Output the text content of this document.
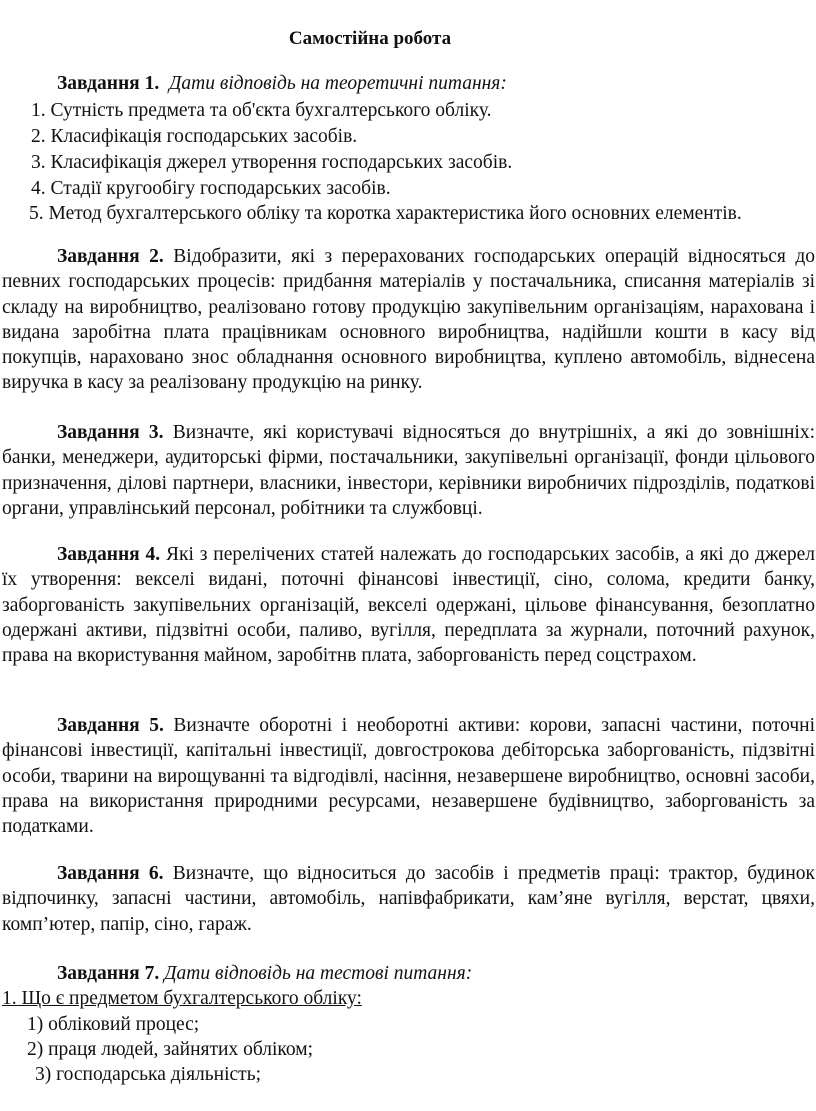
Самостійна робота
Завдання 1. Дати відповідь на теоретичні питання:
1. Сутність предмета та об'єкта бухгалтерського обліку.
2. Класифікація господарських засобів.
3. Класифікація джерел утворення господарських засобів.
4. Стадії кругообігу господарських засобів.
5. Метод бухгалтерського обліку та коротка характеристика його основних елементів.
Завдання 2. Відобразити, які з перерахованих господарських операцій відносяться до певних господарських процесів: придбання матеріалів у постачальника, списання матеріалів зі складу на виробництво, реалізовано готову продукцію закупівельним організаціям, нарахована і видана заробітна плата працівникам основного виробництва, надійшли кошти в касу від покупців, нараховано знос обладнання основного виробництва, куплено автомобіль, віднесена виручка в касу за реалізовану продукцію на ринку.
Завдання 3. Визначте, які користувачі відносяться до внутрішніх, а які до зовнішніх: банки, менеджери, аудиторські фірми, постачальники, закупівельні організації, фонди цільового призначення, ділові партнери, власники, інвестори, керівники виробничих підрозділів, податкові органи, управлінський персонал, робітники та службовці.
Завдання 4. Які з перелічених статей належать до господарських засобів, а які до джерел їх утворення: векселі видані, поточні фінансові інвестиції, сіно, солома, кредити банку, заборгованість закупівельних організацій, векселі одержані, цільове фінансування, безоплатно одержані активи, підзвітні особи, паливо, вугілля, передплата за журнали, поточний рахунок, права на вкористування майном, заробітнв плата, заборгованість перед соцстрахом.
Завдання 5. Визначте оборотні і необоротні активи: корови, запасні частини, поточні фінансові інвестиції, капітальні інвестиції, довгострокова дебіторська заборгованість, підзвітні особи, тварини на вирощуванні та відгодівлі, насіння, незавершене виробництво, основні засоби, права на використання природними ресурсами, незавершене будівництво, заборгованість за податками.
Завдання 6. Визначте, що відноситься до засобів і предметів праці: трактор, будинок відпочинку, запасні частини, автомобіль, напівфабрикати, кам’яне вугілля, верстат, цвяхи, комп’ютер, папір, сіно, гараж.
Завдання 7. Дати відповідь на тестові питання:
1. Що є предметом бухгалтерського обліку:
1) обліковий процес;
2) праця людей, зайнятих обліком;
3) господарська діяльність;
